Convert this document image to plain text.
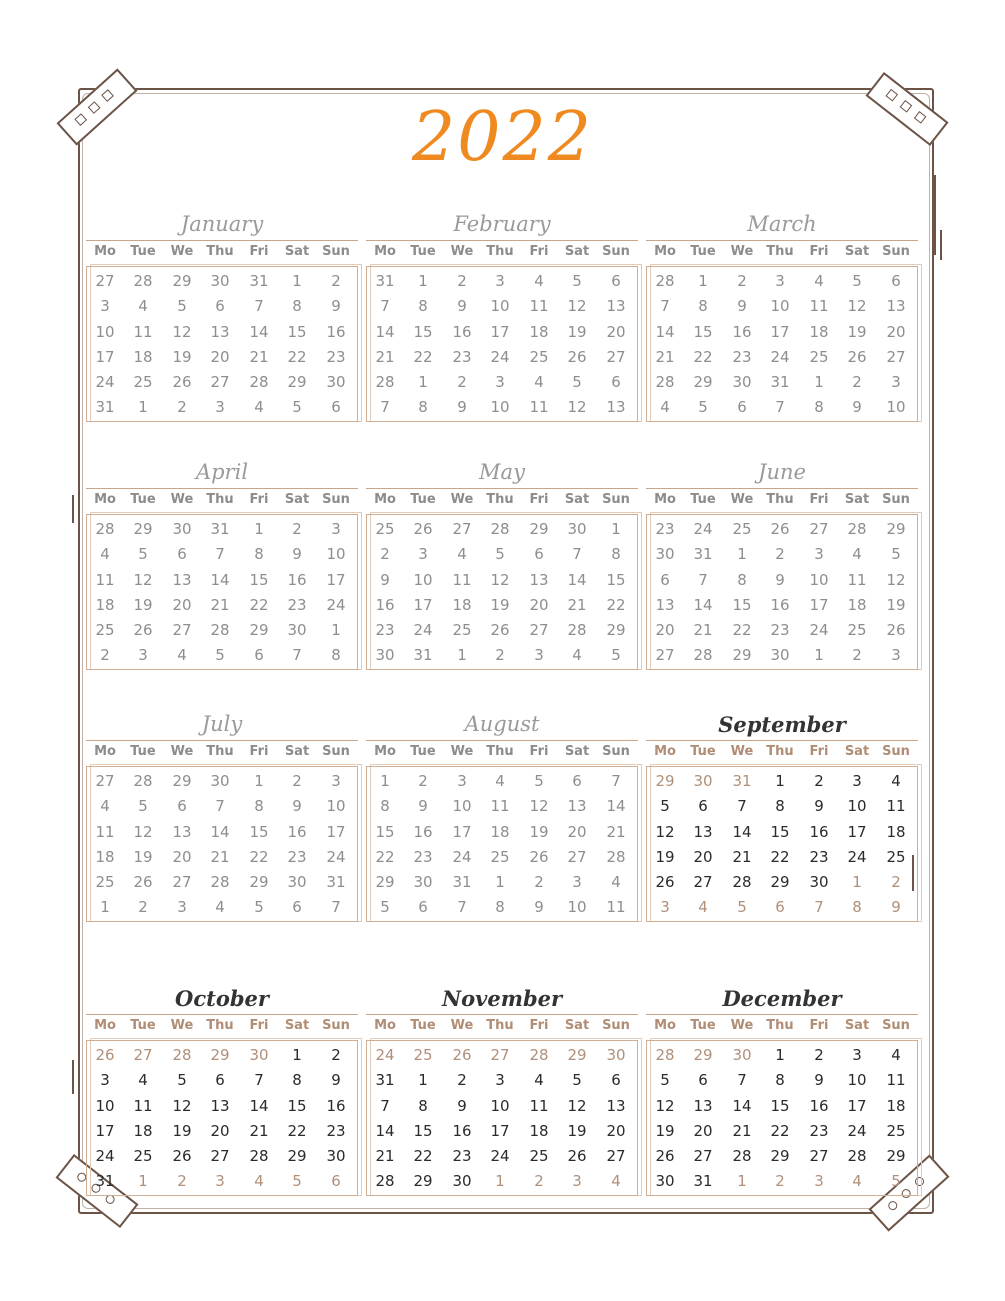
2022
January
Mo	Tue	We Thu	Fri	Sat Sun
27	28	29	30	31	1	2
3	4	5	6	7	8	9
10	11	12	13	14	15	16
17	18	19	20	21	22	23
24	25	26	27	28	29	30
31	1	2	3	4	5	6
February
Mo	Tue	We Thu	Fri	Sat Sun
31	1	2	3	4	5	6
7	8	9	10	11	12	13
14	15	16	17	18	19	20
21	22	23	24	25	26	27
28	1	2	3	4	5	6
7	8	9	10	11	12	13
March
Mo	Tue	We Thu	Fri	Sat Sun
28	1	2	3	4	5	6
7	8	9	10	11	12	13
14	15	16	17	18	19	20
21	22	23	24	25	26	27
28	29	30	31	1	2	3
4	5	6	7	8	9	10
April
Mo	Tue	We Thu	Fri	Sat Sun
28	29	30	31	1	2	3
4	5	6	7	8	9	10
11	12	13	14	15	16	17
18	19	20	21	22	23	24
25	26	27	28	29	30	1
2	3	4	5	6	7	8
May
Mo	Tue	We Thu	Fri	Sat Sun
25	26	27	28	29	30	1
2	3	4	5	6	7	8
9	10	11	12	13	14	15
16	17	18	19	20	21	22
23	24	25	26	27	28	29
30	31	1	2	3	4	5
June
Mo	Tue	We Thu	Fri	Sat Sun
23	24	25	26	27	28	29
30	31	1	2	3	4	5
6	7	8	9	10	11	12
13	14	15	16	17	18	19
20	21	22	23	24	25	26
27	28	29	30	1	2	3
July
Mo	Tue	We Thu	Fri	Sat Sun
27	28	29	30	1	2	3
4	5	6	7	8	9	10
11	12	13	14	15	16	17
18	19	20	21	22	23	24
25	26	27	28	29	30	31
1	2	3	4	5	6	7
August
Mo	Tue	We Thu	Fri	Sat Sun
1	2	3	4	5	6	7
8	9	10	11	12	13	14
15	16	17	18	19	20	21
22	23	24	25	26	27	28
29	30	31	1	2	3	4
5	6	7	8	9	10	11
September
Mo	Tue	We Thu	Fri	Sat Sun
29	30	31	1	2	3	4
5	6	7	8	9	10	11
12	13	14	15	16	17	18
19	20	21	22	23	24	25
26	27	28	29	30	1	2
3	4	5	6	7	8	9
October
Mo	Tue	We Thu	Fri	Sat Sun
26	27	28	29	30	1	2
3	4	5	6	7	8	9
10	11	12	13	14	15	16
17	18	19	20	21	22	23
24	25	26	27	28	29	30
31	1	2	3	4	5	6
November
Mo	Tue	We Thu	Fri	Sat Sun
24	25	26	27	28	29	30
31	1	2	3	4	5	6
7	8	9	10	11	12	13
14	15	16	17	18	19	20
21	22	23	24	25	26	27
28	29	30	1	2	3	4
December
Mo	Tue	We Thu	Fri	Sat Sun
28	29	30	1	2	3	4
5	6	7	8	9	10	11
12	13	14	15	16	17	18
19	20	21	22	23	24	25
26	27	28	29	27	28	29
30	31	1	2	3	4	5
